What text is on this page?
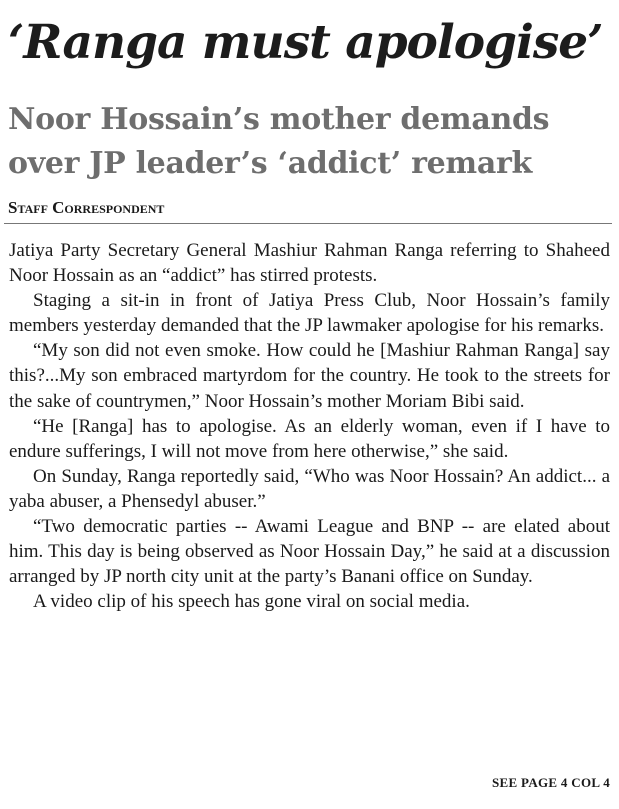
‘Ranga must apologise’
Noor Hossain’s mother demands
over JP leader’s ‘addict’ remark
Staff Correspondent

Jatiya Party Secretary General Mashiur Rahman Ranga referring to Shaheed Noor Hossain as an “addict” has stirred protests.

Staging a sit-in in front of Jatiya Press Club, Noor Hossain’s family members yesterday demanded that the JP lawmaker apologise for his remarks.

“My son did not even smoke. How could he [Mashiur Rahman Ranga] say this?...My son embraced martyrdom for the country. He took to the streets for the sake of countrymen,” Noor Hossain’s mother Moriam Bibi said.

“He [Ranga] has to apologise. As an elderly woman, even if I have to endure sufferings, I will not move from here otherwise,” she said.

On Sunday, Ranga reportedly said, “Who was Noor Hossain? An addict... a yaba abuser, a Phensedyl abuser.”

“Two democratic parties -- Awami League and BNP -- are elated about him. This day is being observed as Noor Hossain Day,” he said at a discussion arranged by JP north city unit at the party’s Banani office on Sunday.

A video clip of his speech has gone viral on social media.

SEE PAGE 4 COL 4
